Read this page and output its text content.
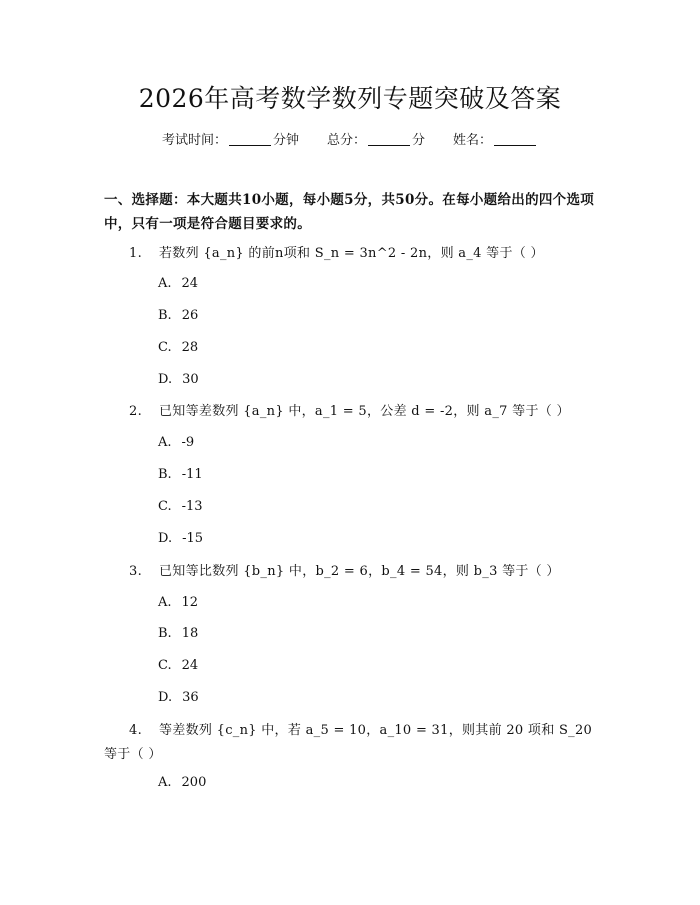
2026年高考数学数列专题突破及答案
考试时间：	分钟 总分：	分 姓名：
一、选择题：本大题共10小题，每小题5分，共50分。在每小题给出的四个选项中，只有一项是符合题目要求的。
1. 若数列 {a_n} 的前n项和 S_n = 3n^2 - 2n，则 a_4 等于（ ）
A. 24
B. 26
C. 28
D. 30
2. 已知等差数列 {a_n} 中，a_1 = 5，公差 d = -2，则 a_7 等于（ ）
A. -9
B. -11
C. -13
D. -15
3. 已知等比数列 {b_n} 中，b_2 = 6，b_4 = 54，则 b_3 等于（ ）
A. 12
B. 18
C. 24
D. 36
4. 等差数列 {c_n} 中，若 a_5 = 10，a_10 = 31，则其前 20 项和 S_20 等于（ ）
A. 200
